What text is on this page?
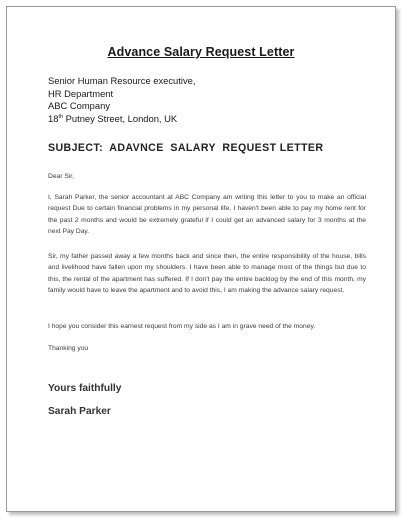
Advance Salary Request Letter
Senior Human Resource executive,
HR Department
ABC Company
18th Putney Street, London, UK
SUBJECT:  ADAVNCE  SALARY  REQUEST LETTER
Dear Sir,
I, Sarah Parker, the senior accountant at ABC Company am writing this letter to you to make an official request Due to certain financial problems in my personal life, I haven't been able to pay my home rent for the past 2 months and would be extremely grateful if I could get an advanced salary for 3 months at the next Pay Day.
Sir, my father passed away a few months back and since then, the entire responsibility of the house, bills and livelihood have fallen upon my shoulders. I have been able to manage most of the things but due to this, the rental of the apartment has suffered. If I don't pay the entire backlog by the end of this month, my family would have to leave the apartment and to avoid this, I am making the advance salary request.
I hope you consider this earnest request from my side as I am in grave need of the money.
Thanking you
Yours faithfully
Sarah Parker
